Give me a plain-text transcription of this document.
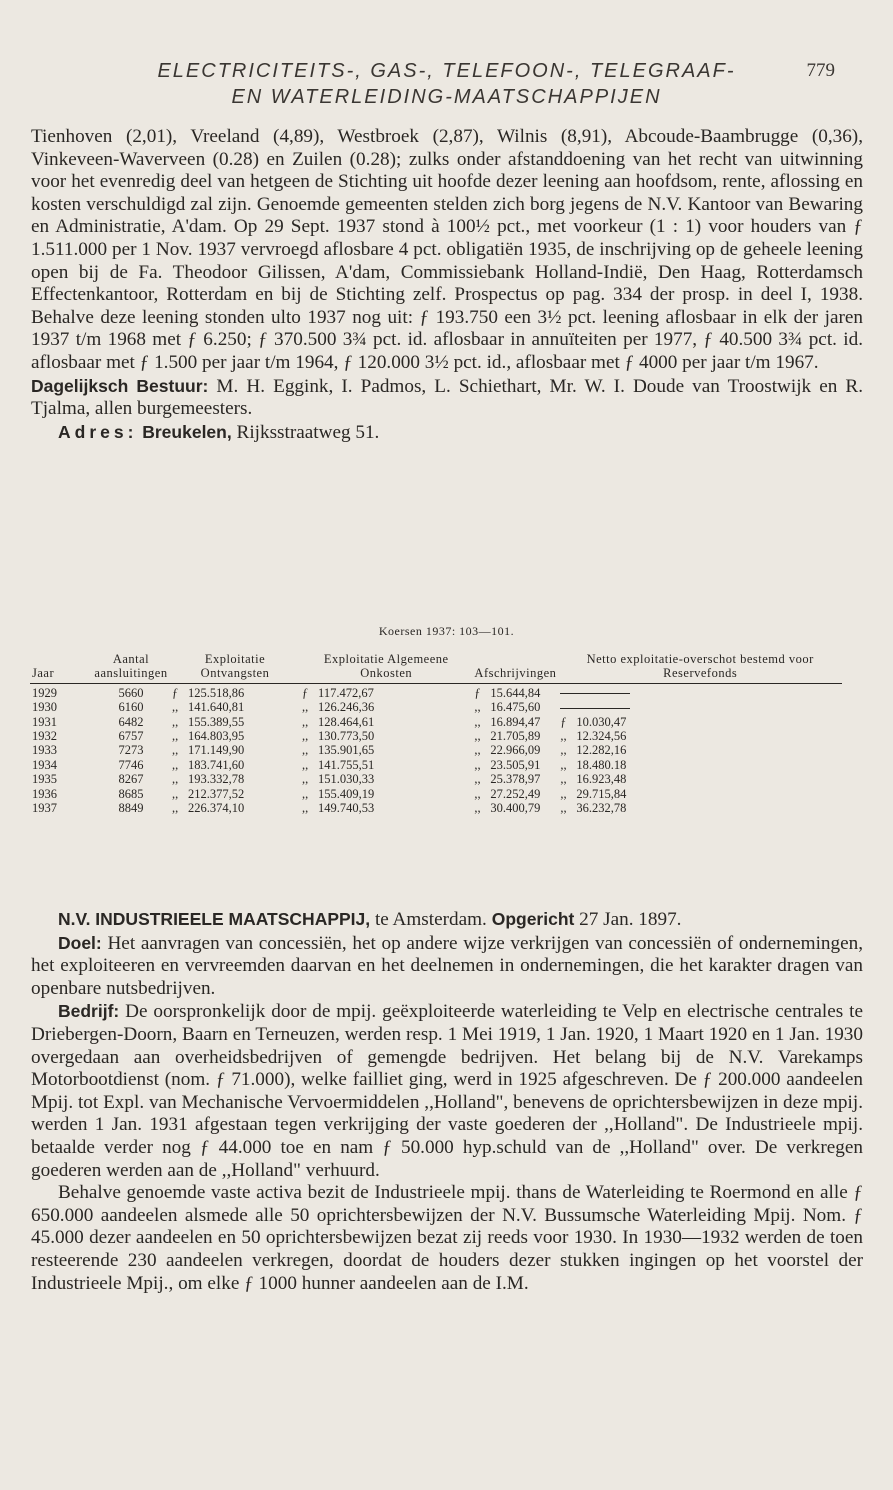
ELECTRICITEITS-, GAS-, TELEFOON-, TELEGRAAF-
EN WATERLEIDING-MAATSCHAPPIJEN
779

Tienhoven (2,01), Vreeland (4,89), Westbroek (2,87), Wilnis (8,91), Abcoude-Baambrugge (0,36), Vinkeveen-Waverveen (0.28) en Zuilen (0.28); zulks onder afstanddoening van het recht van uitwinning voor het evenredig deel van hetgeen de Stichting uit hoofde dezer leening aan hoofdsom, rente, aflossing en kosten verschuldigd zal zijn. Genoemde gemeenten stelden zich borg jegens de N.V. Kantoor van Bewaring en Administratie, A'dam. Op 29 Sept. 1937 stond à 100½ pct., met voorkeur (1 : 1) voor houders van ƒ 1.511.000 per 1 Nov. 1937 vervroegd aflosbare 4 pct. obligatiën 1935, de inschrijving op de geheele leening open bij de Fa. Theodoor Gilissen, A'dam, Commissiebank Holland-Indië, Den Haag, Rotterdamsch Effectenkantoor, Rotterdam en bij de Stichting zelf. Prospectus op pag. 334 der prosp. in deel I, 1938. Behalve deze leening stonden ulto 1937 nog uit: ƒ 193.750 een 3½ pct. leening aflosbaar in elk der jaren 1937 t/m 1968 met ƒ 6.250; ƒ 370.500 3¾ pct. id. aflosbaar in annuïteiten per 1977, ƒ 40.500 3¾ pct. id. aflosbaar met ƒ 1.500 per jaar t/m 1964, ƒ 120.000 3½ pct. id., aflosbaar met ƒ 4000 per jaar t/m 1967.

Dagelijksch Bestuur: M. H. Eggink, I. Padmos, L. Schiethart, Mr. W. I. Doude van Troostwijk en R. Tjalma, allen burgemeesters.

Adres: Breukelen, Rijksstraatweg 51.

Koersen 1937: 103—101.
Jaar	Aantal aansluitingen	Exploitatie Ontvangsten	Exploitatie Algemeene Onkosten	Afschrijvingen	Netto exploitatie-overschot bestemd voor Reservefonds
1929	5660	ƒ 125.518,86	ƒ 117.472,67	ƒ 15.644,84	
1930	6160	,, 141.640,81	,, 126.246,36	,, 16.475,60	
1931	6482	,, 155.389,55	,, 128.464,61	,, 16.894,47	ƒ 10.030,47
1932	6757	,, 164.803,95	,, 130.773,50	,, 21.705,89	,, 12.324,56
1933	7273	,, 171.149,90	,, 135.901,65	,, 22.966,09	,, 12.282,16
1934	7746	,, 183.741,60	,, 141.755,51	,, 23.505,91	,, 18.480.18
1935	8267	,, 193.332,78	,, 151.030,33	,, 25.378,97	,, 16.923,48
1936	8685	,, 212.377,52	,, 155.409,19	,, 27.252,49	,, 29.715,84
1937	8849	,, 226.374,10	,, 149.740,53	,, 30.400,79	,, 36.232,78

N.V. INDUSTRIEELE MAATSCHAPPIJ, te Amsterdam. Opgericht 27 Jan. 1897.

Doel: Het aanvragen van concessiën, het op andere wijze verkrijgen van concessiën of ondernemingen, het exploiteeren en vervreemden daarvan en het deelnemen in ondernemingen, die het karakter dragen van openbare nutsbedrijven.

Bedrijf: De oorspronkelijk door de mpij. geëxploiteerde waterleiding te Velp en electrische centrales te Driebergen-Doorn, Baarn en Terneuzen, werden resp. 1 Mei 1919, 1 Jan. 1920, 1 Maart 1920 en 1 Jan. 1930 overgedaan aan overheidsbedrijven of gemengde bedrijven. Het belang bij de N.V. Varekamps Motorbootdienst (nom. ƒ 71.000), welke failliet ging, werd in 1925 afgeschreven. De ƒ 200.000 aandeelen Mpij. tot Expl. van Mechanische Vervoermiddelen ,,Holland", benevens de oprichtersbewijzen in deze mpij. werden 1 Jan. 1931 afgestaan tegen verkrijging der vaste goederen der ,,Holland". De Industrieele mpij. betaalde verder nog ƒ 44.000 toe en nam ƒ 50.000 hyp.schuld van de ,,Holland" over. De verkregen goederen werden aan de ,,Holland" verhuurd.

Behalve genoemde vaste activa bezit de Industrieele mpij. thans de Waterleiding te Roermond en alle ƒ 650.000 aandeelen alsmede alle 50 oprichtersbewijzen der N.V. Bussumsche Waterleiding Mpij. Nom. ƒ 45.000 dezer aandeelen en 50 oprichtersbewijzen bezat zij reeds voor 1930. In 1930—1932 werden de toen resteerende 230 aandeelen verkregen, doordat de houders dezer stukken ingingen op het voorstel der Industrieele Mpij., om elke ƒ 1000 hunner aandeelen aan de I.M.
